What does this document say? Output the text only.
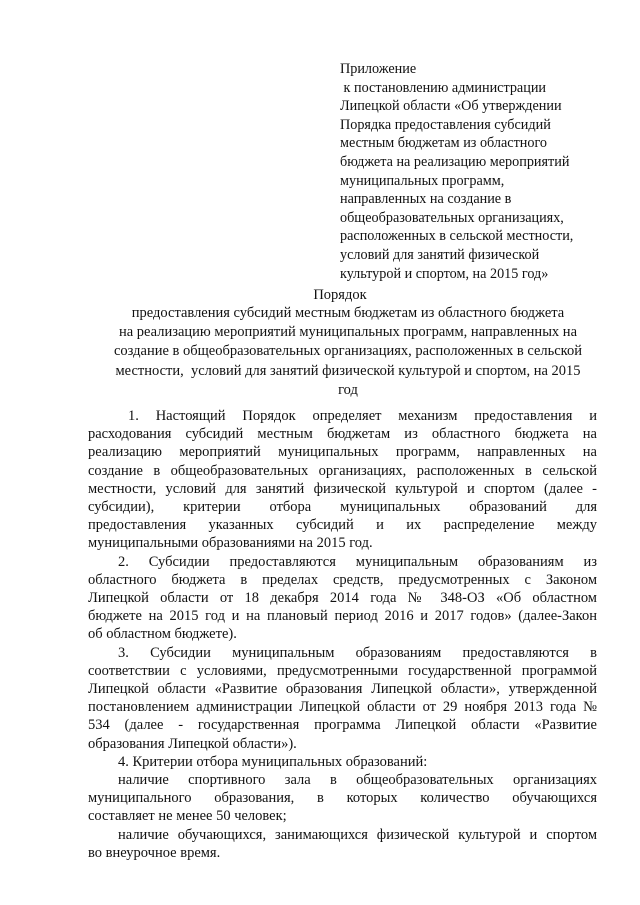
Приложение
к постановлению администрации
Липецкой области «Об утверждении
Порядка предоставления субсидий
местным бюджетам из областного
бюджета на реализацию мероприятий
муниципальных программ,
направленных на создание в
общеобразовательных организациях,
расположенных в сельской местности,
условий для занятий физической
культурой и спортом, на 2015 год»
Порядок
предоставления субсидий местным бюджетам из областного бюджета
на реализацию мероприятий муниципальных программ, направленных на
создание в общеобразовательных организациях, расположенных в сельской
местности,  условий для занятий физической культурой и спортом, на 2015
год
1. Настоящий Порядок определяет механизм предоставления и
расходования субсидий местным бюджетам из областного бюджета на
реализацию мероприятий муниципальных программ, направленных на
создание в общеобразовательных организациях, расположенных в сельской
местности, условий для занятий физической культурой и спортом (далее -
субсидии), критерии отбора муниципальных образований для
предоставления указанных субсидий и их распределение между
муниципальными образованиями на 2015 год.
2. Субсидии предоставляются муниципальным образованиям из
областного бюджета в пределах средств, предусмотренных с Законом
Липецкой области от 18 декабря 2014 года № 348-ОЗ «Об областном
бюджете на 2015 год и на плановый период 2016 и 2017 годов» (далее-Закон
об областном бюджете).
3. Субсидии муниципальным образованиям предоставляются в
соответствии с условиями, предусмотренными государственной программой
Липецкой области «Развитие образования Липецкой области», утвержденной
постановлением администрации Липецкой области от 29 ноября 2013 года №
534 (далее - государственная программа Липецкой области «Развитие
образования Липецкой области»).
4. Критерии отбора муниципальных образований:
наличие спортивного зала в общеобразовательных организациях
муниципального образования, в которых количество обучающихся
составляет не менее 50 человек;
наличие обучающихся, занимающихся физической культурой и спортом
во внеурочное время.
